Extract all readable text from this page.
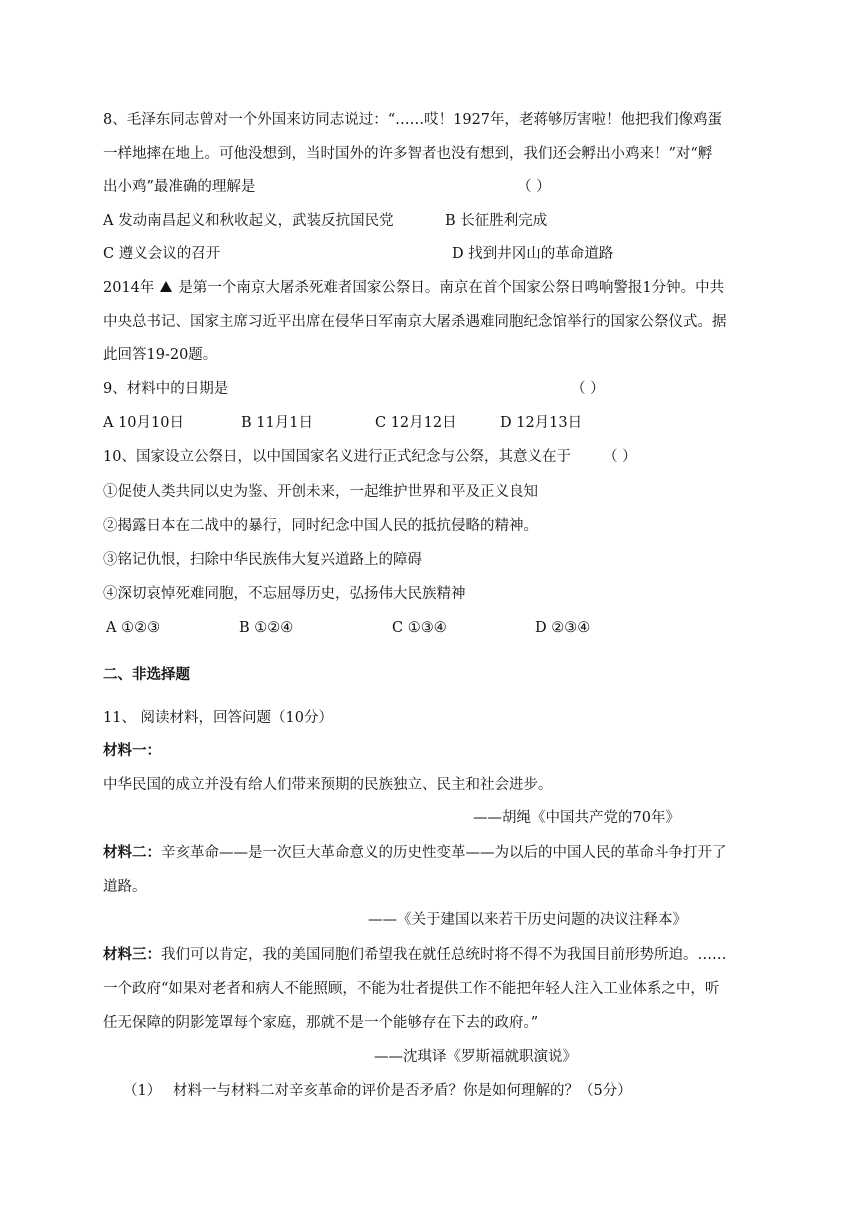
8、毛泽东同志曾对一个外国来访同志说过：“……哎！1927年，老蒋够厉害啦！他把我们像鸡蛋
一样地摔在地上。可他没想到，当时国外的许多智者也没有想到，我们还会孵出小鸡来！”对“孵
出小鸡”最准确的理解是	（ ）
A 发动南昌起义和秋收起义，武装反抗国民党	B 长征胜利完成
C 遵义会议的召开	D 找到井冈山的革命道路
2014年 是第一个南京大屠杀死难者国家公祭日。南京在首个国家公祭日鸣响警报1分钟。中共
中央总书记、国家主席习近平出席在侵华日军南京大屠杀遇难同胞纪念馆举行的国家公祭仪式。据
此回答19-20题。
9、材料中的日期是	（ ）
A 10月10日	B 11月1日	C 12月12日	D 12月13日
10、国家设立公祭日，以中国国家名义进行正式纪念与公祭，其意义在于 （ ）
①促使人类共同以史为鉴、开创未来，一起维护世界和平及正义良知
②揭露日本在二战中的暴行，同时纪念中国人民的抵抗侵略的精神。
③铭记仇恨，扫除中华民族伟大复兴道路上的障碍
④深切哀悼死难同胞，不忘屈辱历史，弘扬伟大民族精神
A ①②③	B ①②④	C ①③④	D ②③④
二、非选择题
11、 阅读材料，回答问题（10分）
材料一：
中华民国的成立并没有给人们带来预期的民族独立、民主和社会进步。
——胡绳《中国共产党的70年》
材料二：辛亥革命——是一次巨大革命意义的历史性变革——为以后的中国人民的革命斗争打开了
道路。
——《关于建国以来若干历史问题的决议注释本》
材料三：我们可以肯定，我的美国同胞们希望我在就任总统时将不得不为我国目前形势所迫。……
一个政府“如果对老者和病人不能照顾，不能为壮者提供工作不能把年轻人注入工业体系之中，听
任无保障的阴影笼罩每个家庭，那就不是一个能够存在下去的政府。”
——沈琪译《罗斯福就职演说》
（1） 材料一与材料二对辛亥革命的评价是否矛盾？你是如何理解的？（5分）
